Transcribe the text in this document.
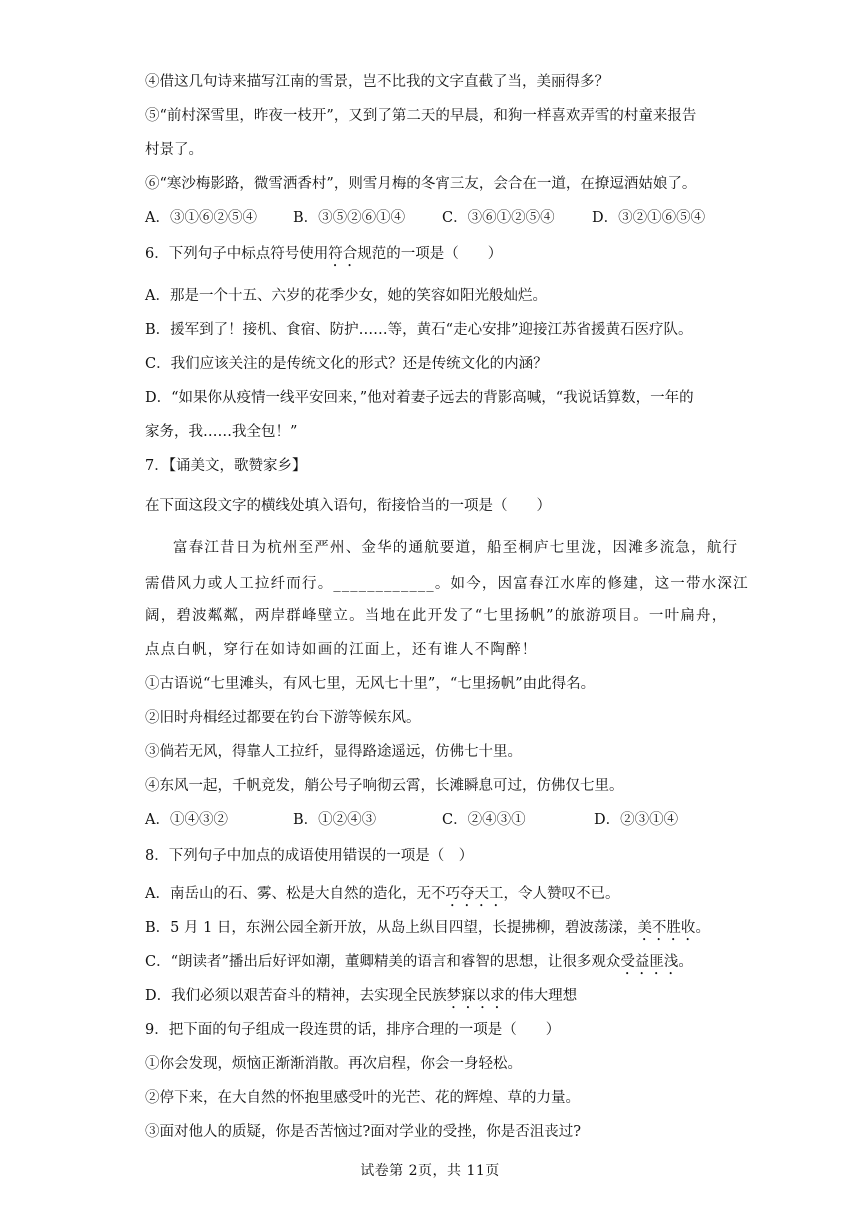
④借这几句诗来描写江南的雪景，岂不比我的文字直截了当，美丽得多？
⑤“前村深雪里，昨夜一枝开”，又到了第二天的早晨，和狗一样喜欢弄雪的村童来报告
村景了。
⑥“寒沙梅影路，微雪洒香村”，则雪月梅的冬宵三友，会合在一道，在撩逗酒姑娘了。
A．③①⑥②⑤④ B．③⑤②⑥①④	C．③⑥①②⑤④	D．③②①⑥⑤④
6．下列句子中标点符号使用符合规范的一项是（　　）
A．那是一个十五、六岁的花季少女，她的笑容如阳光般灿烂。
B．援军到了！接机、食宿、防护……等，黄石“走心安排”迎接江苏省援黄石医疗队。
C．我们应该关注的是传统文化的形式？还是传统文化的内涵？
D．“如果你从疫情一线平安回来，”他对着妻子远去的背影高喊，“我说话算数，一年的
家务，我……我全包！”
7．【诵美文，歌赞家乡】
在下面这段文字的横线处填入语句，衔接恰当的一项是（　　）
富春江昔日为杭州至严州、金华的通航要道，船至桐庐七里泷，因滩多流急，航行
需借风力或人工拉纤而行。____________。如今，因富春江水库的修建，这一带水深江
阔，碧波粼粼，两岸群峰壁立。当地在此开发了“七里扬帆”的旅游项目。一叶扁舟，
点点白帆，穿行在如诗如画的江面上，还有谁人不陶醉！
①古语说“七里滩头，有风七里，无风七十里”，“七里扬帆”由此得名。
②旧时舟楫经过都要在钓台下游等候东风。
③倘若无风，得靠人工拉纤，显得路途遥远，仿佛七十里。
④东风一起，千帆竞发，艄公号子响彻云霄，长滩瞬息可过，仿佛仅七里。
A．①④③②	B．①②④③	C．②④③①	D．②③①④
8．下列句子中加点的成语使用错误的一项是（　）
A．南岳山的石、雾、松是大自然的造化，无不巧夺天工，令人赞叹不已。
B．5 月 1 日，东洲公园全新开放，从岛上纵目四望，长提拂柳，碧波荡漾，美不胜收。
C．“朗读者”播出后好评如潮，董卿精美的语言和睿智的思想，让很多观众受益匪浅。
D．我们必须以艰苦奋斗的精神，去实现全民族梦寐以求的伟大理想
9．把下面的句子组成一段连贯的话，排序合理的一项是（　　）
①你会发现，烦恼正渐渐消散。再次启程，你会一身轻松。
②停下来，在大自然的怀抱里感受叶的光芒、花的辉煌、草的力量。
③面对他人的质疑，你是否苦恼过?面对学业的受挫，你是否沮丧过?
试卷第 2页，共 11页
